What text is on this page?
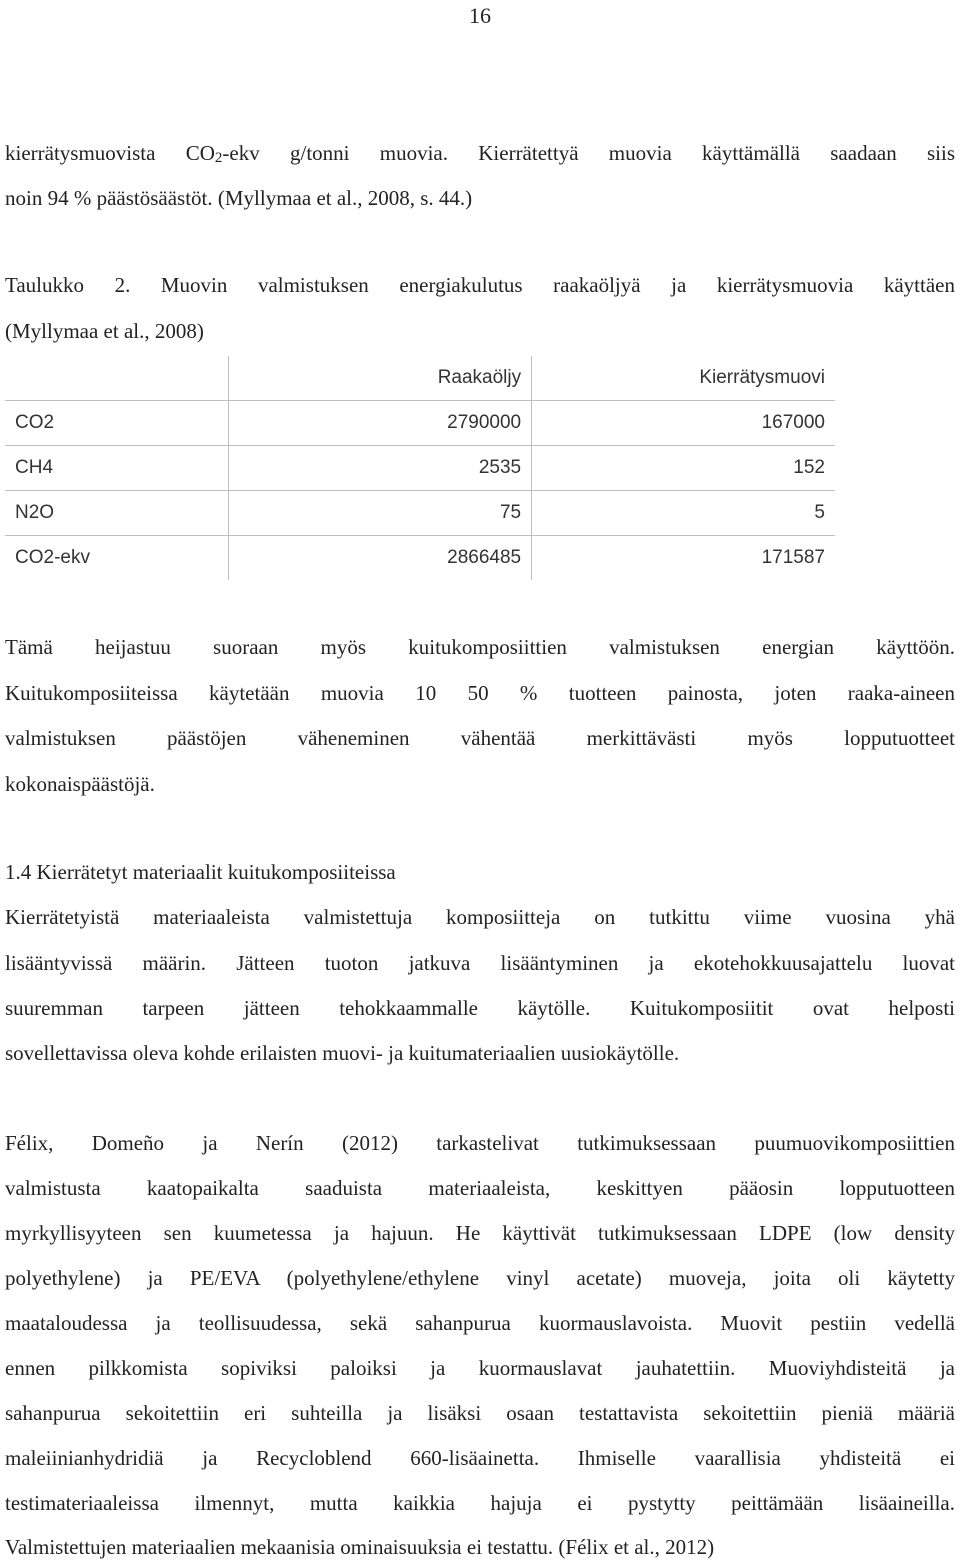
16
kierrätysmuovista $CO_2$-ekv g/tonni muovia. Kierrätettyä muovia käyttämällä saadaan siis
noin 94 % päästösäästöt. (Myllymaa et al., 2008, s. 44.)
Taulukko 2. Muovin valmistuksen energiakulutus raakaöljyä ja kierrätysmuovia käyttäen
(Myllymaa et al., 2008)
	Raakaöljy	Kierrätysmuovi
CO2	2790000	167000
CH4	2535	152
N2O	75	5
CO2-ekv	2866485	171587
Tämä heijastuu suoraan myös kuitukomposiittien valmistuksen energian käyttöön.
Kuitukomposiiteissa käytetään muovia 10 50 % tuotteen painosta, joten raaka-aineen
valmistuksen päästöjen väheneminen vähentää merkittävästi myös lopputuotteet
kokonaispäästöjä.
1.4 Kierrätetyt materiaalit kuitukomposiiteissa
Kierrätetyistä materiaaleista valmistettuja komposiitteja on tutkittu viime vuosina yhä
lisääntyvissä määrin. Jätteen tuoton jatkuva lisääntyminen ja ekotehokkuusajattelu luovat
suuremman tarpeen jätteen tehokkaammalle käytölle. Kuitukomposiitit ovat helposti
sovellettavissa oleva kohde erilaisten muovi- ja kuitumateriaalien uusiokäytölle.
Félix, Domeño ja Nerín (2012) tarkastelivat tutkimuksessaan puumuovikomposiittien
valmistusta kaatopaikalta saaduista materiaaleista, keskittyen pääosin lopputuotteen
myrkyllisyyteen sen kuumetessa ja hajuun. He käyttivät tutkimuksessaan LDPE (low density
polyethylene) ja PE/EVA (polyethylene/ethylene vinyl acetate) muoveja, joita oli käytetty
maataloudessa ja teollisuudessa, sekä sahanpurua kuormauslavoista. Muovit pestiin vedellä
ennen pilkkomista sopiviksi paloiksi ja kuormauslavat jauhatettiin. Muoviyhdisteitä ja
sahanpurua sekoitettiin eri suhteilla ja lisäksi osaan testattavista sekoitettiin pieniä määriä
maleiinianhydridiä ja Recycloblend 660-lisäainetta. Ihmiselle vaarallisia yhdisteitä ei
testimateriaaleissa ilmennyt, mutta kaikkia hajuja ei pystytty peittämään lisäaineilla.
Valmistettujen materiaalien mekaanisia ominaisuuksia ei testattu. (Félix et al., 2012)
